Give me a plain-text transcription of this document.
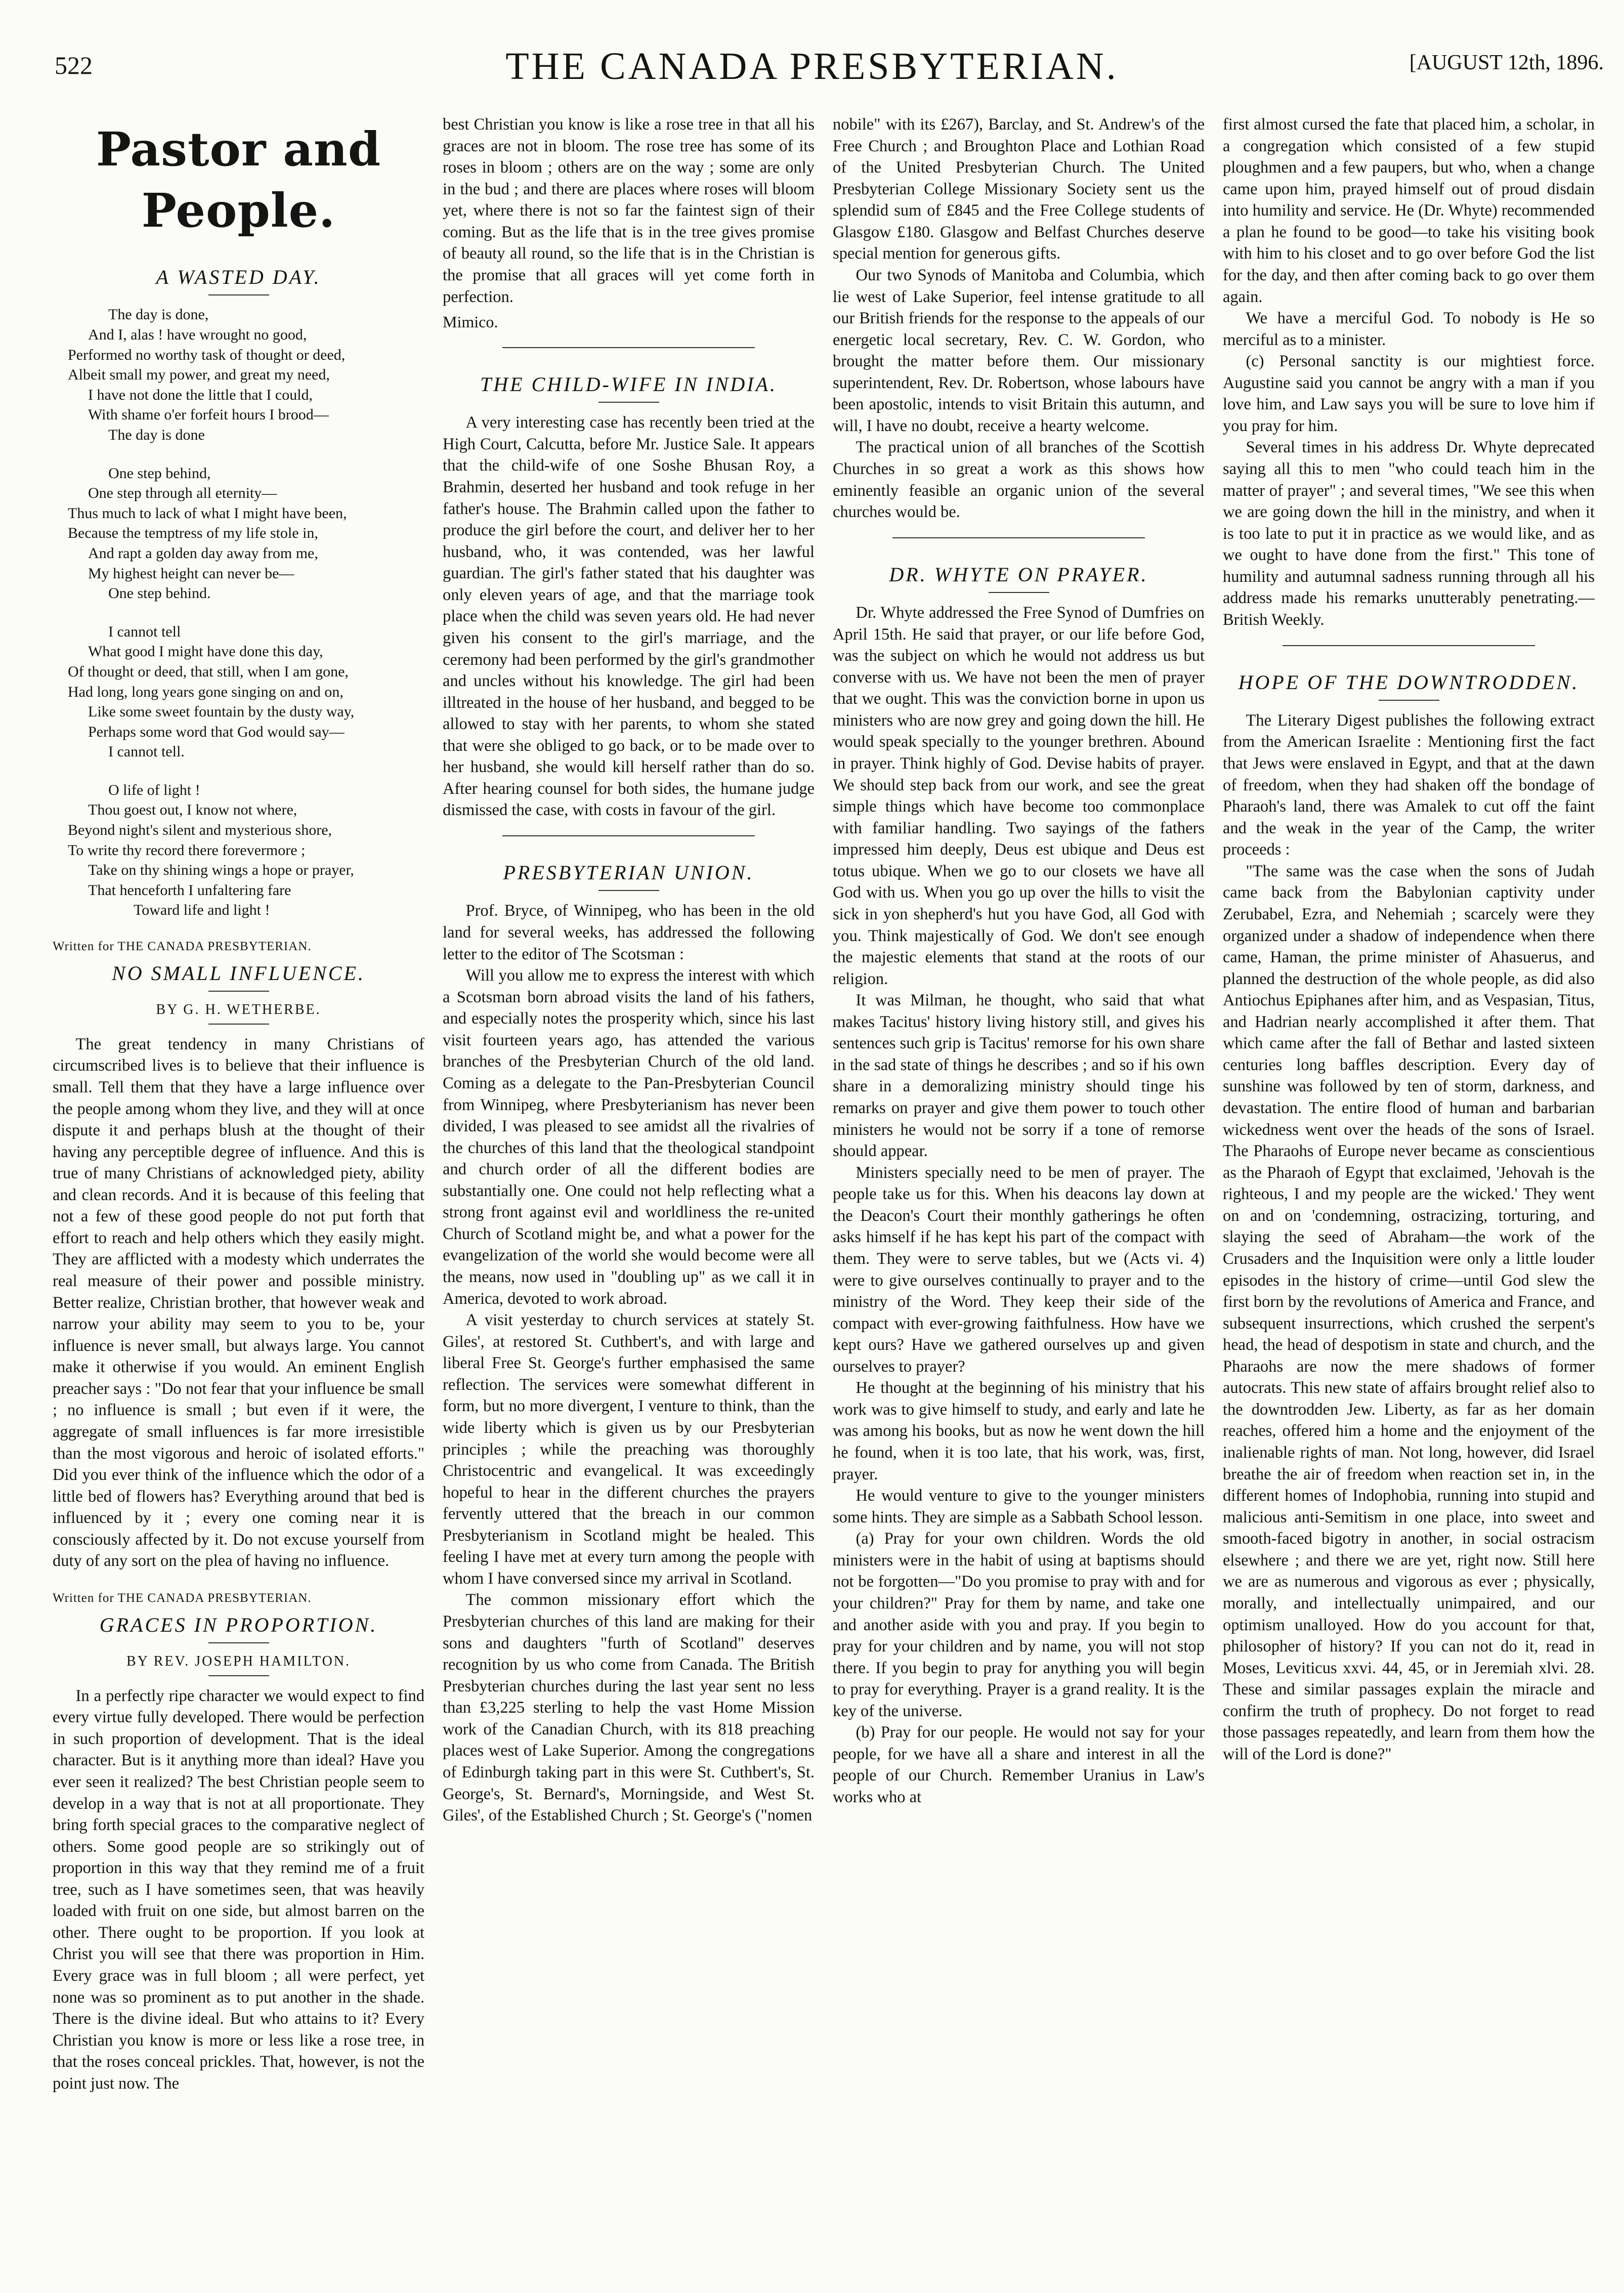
522	THE CANADA PRESBYTERIAN.	[AUGUST 12th, 1896.
Pastor and People.
A WASTED DAY.
The day is done,
And I, alas ! have wrought no good,
Performed no worthy task of thought or deed,
Albeit small my power, and great my need,
I have not done the little that I could,
With shame o'er forfeit hours I brood—
The day is done
One step behind,
One step through all eternity—
Thus much to lack of what I might have been,
Because the temptress of my life stole in,
And rapt a golden day away from me,
My highest height can never be—
One step behind.
I cannot tell
What good I might have done this day,
Of thought or deed, that still, when I am gone,
Had long, long years gone singing on and on,
Like some sweet fountain by the dusty way,
Perhaps some word that God would say—
I cannot tell.
O life of light !
Thou goest out, I know not where,
Beyond night's silent and mysterious shore,
To write thy record there forevermore ;
Take on thy shining wings a hope or prayer,
That henceforth I unfaltering fare
Toward life and light !
Written for THE CANADA PRESBYTERIAN.
NO SMALL INFLUENCE.
BY G. H. WETHERBE.

The great tendency in many Christians of circumscribed lives is to believe that their influence is small. Tell them that they have a large influence over the people among whom they live, and they will at once dispute it and perhaps blush at the thought of their having any perceptible degree of influence. And this is true of many Christians of acknowledged piety, ability and clean records. And it is because of this feeling that not a few of these good people do not put forth that effort to reach and help others which they easily might. They are afflicted with a modesty which underrates the real measure of their power and possible ministry. Better realize, Christian brother, that however weak and narrow your ability may seem to you to be, your influence is never small, but always large. You cannot make it otherwise if you would. An eminent English preacher says : "Do not fear that your influence be small ; no influence is small ; but even if it were, the aggregate of small influences is far more irresistible than the most vigorous and heroic of isolated efforts." Did you ever think of the influence which the odor of a little bed of flowers has? Everything around that bed is influenced by it ; every one coming near it is consciously affected by it. Do not excuse yourself from duty of any sort on the plea of having no influence.

Written for THE CANADA PRESBYTERIAN.
GRACES IN PROPORTION.
BY REV. JOSEPH HAMILTON.

In a perfectly ripe character we would expect to find every virtue fully developed. There would be perfection in such proportion of development. That is the ideal character. But is it anything more than ideal? Have you ever seen it realized? The best Christian people seem to develop in a way that is not at all proportionate. They bring forth special graces to the comparative neglect of others. Some good people are so strikingly out of proportion in this way that they remind me of a fruit tree, such as I have sometimes seen, that was heavily loaded with fruit on one side, but almost barren on the other. There ought to be proportion. If you look at Christ you will see that there was proportion in Him. Every grace was in full bloom ; all were perfect, yet none was so prominent as to put another in the shade. There is the divine ideal. But who attains to it? Every Christian you know is more or less like a rose tree, in that the roses conceal prickles. That, however, is not the point just now. The

best Christian you know is like a rose tree in that all his graces are not in bloom. The rose tree has some of its roses in bloom ; others are on the way ; some are only in the bud ; and there are places where roses will bloom yet, where there is not so far the faintest sign of their coming. But as the life that is in the tree gives promise of beauty all round, so the life that is in the Christian is the promise that all graces will yet come forth in perfection.

Mimico.
THE CHILD-WIFE IN INDIA.

A very interesting case has recently been tried at the High Court, Calcutta, before Mr. Justice Sale. It appears that the child-wife of one Soshe Bhusan Roy, a Brahmin, deserted her husband and took refuge in her father's house. The Brahmin called upon the father to produce the girl before the court, and deliver her to her husband, who, it was contended, was her lawful guardian. The girl's father stated that his daughter was only eleven years of age, and that the marriage took place when the child was seven years old. He had never given his consent to the girl's marriage, and the ceremony had been performed by the girl's grandmother and uncles without his knowledge. The girl had been illtreated in the house of her husband, and begged to be allowed to stay with her parents, to whom she stated that were she obliged to go back, or to be made over to her husband, she would kill herself rather than do so. After hearing counsel for both sides, the humane judge dismissed the case, with costs in favour of the girl.

PRESBYTERIAN UNION.

Prof. Bryce, of Winnipeg, who has been in the old land for several weeks, has addressed the following letter to the editor of The Scotsman :

Will you allow me to express the interest with which a Scotsman born abroad visits the land of his fathers, and especially notes the prosperity which, since his last visit fourteen years ago, has attended the various branches of the Presbyterian Church of the old land. Coming as a delegate to the Pan-Presbyterian Council from Winnipeg, where Presbyterianism has never been divided, I was pleased to see amidst all the rivalries of the churches of this land that the theological standpoint and church order of all the different bodies are substantially one. One could not help reflecting what a strong front against evil and worldliness the re-united Church of Scotland might be, and what a power for the evangelization of the world she would become were all the means, now used in "doubling up" as we call it in America, devoted to work abroad.

A visit yesterday to church services at stately St. Giles', at restored St. Cuthbert's, and with large and liberal Free St. George's further emphasised the same reflection. The services were somewhat different in form, but no more divergent, I venture to think, than the wide liberty which is given us by our Presbyterian principles ; while the preaching was thoroughly Christocentric and evangelical. It was exceedingly hopeful to hear in the different churches the prayers fervently uttered that the breach in our common Presbyterianism in Scotland might be healed. This feeling I have met at every turn among the people with whom I have conversed since my arrival in Scotland.

The common missionary effort which the Presbyterian churches of this land are making for their sons and daughters "furth of Scotland" deserves recognition by us who come from Canada. The British Presbyterian churches during the last year sent no less than £3,225 sterling to help the vast Home Mission work of the Canadian Church, with its 818 preaching places west of Lake Superior. Among the congregations of Edinburgh taking part in this were St. Cuthbert's, St. George's, St. Bernard's, Morningside, and West St. Giles', of the Established Church ; St. George's ("nomen

nobile" with its £267), Barclay, and St. Andrew's of the Free Church ; and Broughton Place and Lothian Road of the United Presbyterian Church. The United Presbyterian College Missionary Society sent us the splendid sum of £845 and the Free College students of Glasgow £180. Glasgow and Belfast Churches deserve special mention for generous gifts.

Our two Synods of Manitoba and Columbia, which lie west of Lake Superior, feel intense gratitude to all our British friends for the response to the appeals of our energetic local secretary, Rev. C. W. Gordon, who brought the matter before them. Our missionary superintendent, Rev. Dr. Robertson, whose labours have been apostolic, intends to visit Britain this autumn, and will, I have no doubt, receive a hearty welcome.

The practical union of all branches of the Scottish Churches in so great a work as this shows how eminently feasible an organic union of the several churches would be.

DR. WHYTE ON PRAYER.

Dr. Whyte addressed the Free Synod of Dumfries on April 15th. He said that prayer, or our life before God, was the subject on which he would not address us but converse with us. We have not been the men of prayer that we ought. This was the conviction borne in upon us ministers who are now grey and going down the hill. He would speak specially to the younger brethren. Abound in prayer. Think highly of God. Devise habits of prayer. We should step back from our work, and see the great simple things which have become too commonplace with familiar handling. Two sayings of the fathers impressed him deeply, Deus est ubique and Deus est totus ubique. When we go to our closets we have all God with us. When you go up over the hills to visit the sick in yon shepherd's hut you have God, all God with you. Think majestically of God. We don't see enough the majestic elements that stand at the roots of our religion.

It was Milman, he thought, who said that what makes Tacitus' history living history still, and gives his sentences such grip is Tacitus' remorse for his own share in the sad state of things he describes ; and so if his own share in a demoralizing ministry should tinge his remarks on prayer and give them power to touch other ministers he would not be sorry if a tone of remorse should appear.

Ministers specially need to be men of prayer. The people take us for this. When his deacons lay down at the Deacon's Court their monthly gatherings he often asks himself if he has kept his part of the compact with them. They were to serve tables, but we (Acts vi. 4) were to give ourselves continually to prayer and to the ministry of the Word. They keep their side of the compact with ever-growing faithfulness. How have we kept ours? Have we gathered ourselves up and given ourselves to prayer?

He thought at the beginning of his ministry that his work was to give himself to study, and early and late he was among his books, but as now he went down the hill he found, when it is too late, that his work, was, first, prayer.

He would venture to give to the younger ministers some hints. They are simple as a Sabbath School lesson.

(a) Pray for your own children. Words the old ministers were in the habit of using at baptisms should not be forgotten—"Do you promise to pray with and for your children?" Pray for them by name, and take one and another aside with you and pray. If you begin to pray for your children and by name, you will not stop there. If you begin to pray for anything you will begin to pray for everything. Prayer is a grand reality. It is the key of the universe.

(b) Pray for our people. He would not say for your people, for we have all a share and interest in all the people of our Church. Remember Uranius in Law's works who at

first almost cursed the fate that placed him, a scholar, in a congregation which consisted of a few stupid ploughmen and a few paupers, but who, when a change came upon him, prayed himself out of proud disdain into humility and service. He (Dr. Whyte) recommended a plan he found to be good—to take his visiting book with him to his closet and to go over before God the list for the day, and then after coming back to go over them again.

We have a merciful God. To nobody is He so merciful as to a minister.

(c) Personal sanctity is our mightiest force. Augustine said you cannot be angry with a man if you love him, and Law says you will be sure to love him if you pray for him.

Several times in his address Dr. Whyte deprecated saying all this to men "who could teach him in the matter of prayer" ; and several times, "We see this when we are going down the hill in the ministry, and when it is too late to put it in practice as we would like, and as we ought to have done from the first." This tone of humility and autumnal sadness running through all his address made his remarks unutterably penetrating.—British Weekly.

HOPE OF THE DOWNTRODDEN.

The Literary Digest publishes the following extract from the American Israelite : Mentioning first the fact that Jews were enslaved in Egypt, and that at the dawn of freedom, when they had shaken off the bondage of Pharaoh's land, there was Amalek to cut off the faint and the weak in the year of the Camp, the writer proceeds :

"The same was the case when the sons of Judah came back from the Babylonian captivity under Zerubabel, Ezra, and Nehemiah ; scarcely were they organized under a shadow of independence when there came, Haman, the prime minister of Ahasuerus, and planned the destruction of the whole people, as did also Antiochus Epiphanes after him, and as Vespasian, Titus, and Hadrian nearly accomplished it after them. That which came after the fall of Bethar and lasted sixteen centuries long baffles description. Every day of sunshine was followed by ten of storm, darkness, and devastation. The entire flood of human and barbarian wickedness went over the heads of the sons of Israel. The Pharaohs of Europe never became as conscientious as the Pharaoh of Egypt that exclaimed, 'Jehovah is the righteous, I and my people are the wicked.' They went on and on 'condemning, ostracizing, torturing, and slaying the seed of Abraham—the work of the Crusaders and the Inquisition were only a little louder episodes in the history of crime—until God slew the first born by the revolutions of America and France, and subsequent insurrections, which crushed the serpent's head, the head of despotism in state and church, and the Pharaohs are now the mere shadows of former autocrats. This new state of affairs brought relief also to the downtrodden Jew. Liberty, as far as her domain reaches, offered him a home and the enjoyment of the inalienable rights of man. Not long, however, did Israel breathe the air of freedom when reaction set in, in the different homes of Indophobia, running into stupid and malicious anti-Semitism in one place, into sweet and smooth-faced bigotry in another, in social ostracism elsewhere ; and there we are yet, right now. Still here we are as numerous and vigorous as ever ; physically, morally, and intellectually unimpaired, and our optimism unalloyed. How do you account for that, philosopher of history? If you can not do it, read in Moses, Leviticus xxvi. 44, 45, or in Jeremiah xlvi. 28. These and similar passages explain the miracle and confirm the truth of prophecy. Do not forget to read those passages repeatedly, and learn from them how the will of the Lord is done?"
